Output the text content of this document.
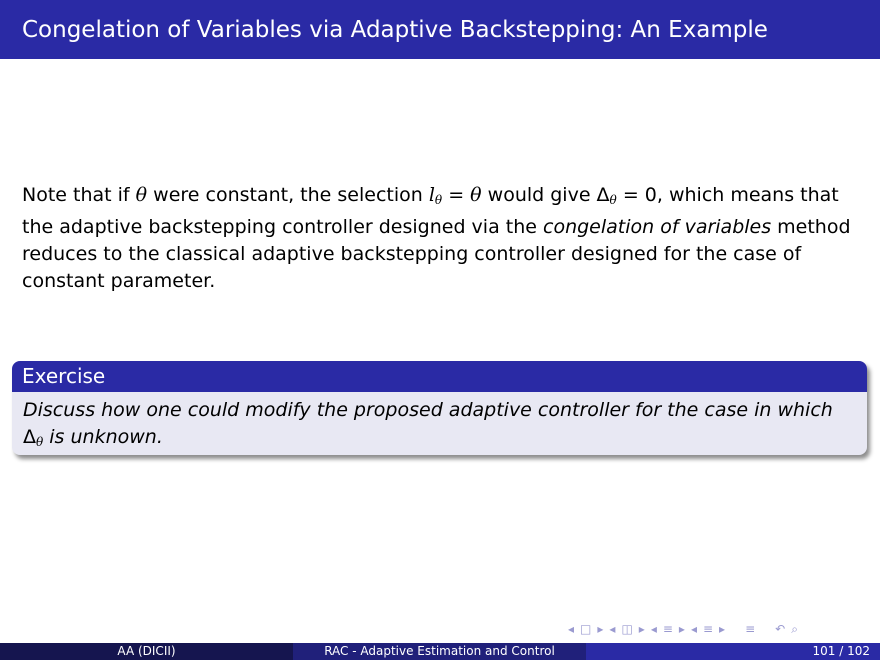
Congelation of Variables via Adaptive Backstepping: An Example
Note that if θ were constant, the selection $l_\theta = \theta$ would give $\Delta_\theta = 0$, which means that the adaptive backstepping controller designed via the congelation of variables method reduces to the classical adaptive backstepping controller designed for the case of constant parameter.
Exercise
Discuss how one could modify the proposed adaptive controller for the case in which $\Delta_\theta$ is unknown.
◂ □ ▸ ◂ ◫ ▸ ◂ ≡ ▸ ◂ ≡ ▸ ≡ ↶ ⌕
AA (DICII)	RAC - Adaptive Estimation and Control	101 / 102
